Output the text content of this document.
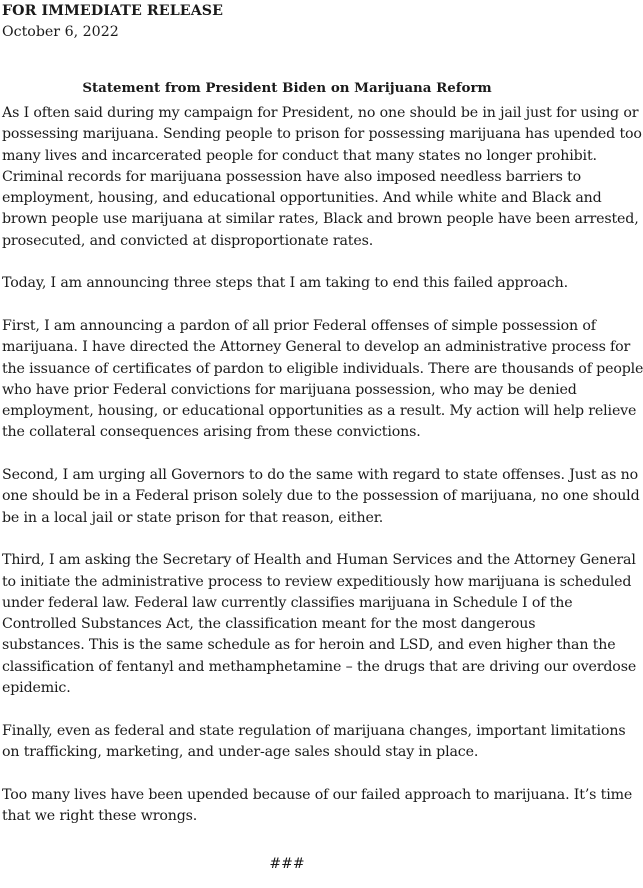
FOR IMMEDIATE RELEASE
October 6, 2022
Statement from President Biden on Marijuana Reform
As I often said during my campaign for President, no one should be in jail just for using or
possessing marijuana. Sending people to prison for possessing marijuana has upended too
many lives and incarcerated people for conduct that many states no longer prohibit.
Criminal records for marijuana possession have also imposed needless barriers to
employment, housing, and educational opportunities. And while white and Black and
brown people use marijuana at similar rates, Black and brown people have been arrested,
prosecuted, and convicted at disproportionate rates.
Today, I am announcing three steps that I am taking to end this failed approach.
First, I am announcing a pardon of all prior Federal offenses of simple possession of
marijuana. I have directed the Attorney General to develop an administrative process for
the issuance of certificates of pardon to eligible individuals. There are thousands of people
who have prior Federal convictions for marijuana possession, who may be denied
employment, housing, or educational opportunities as a result. My action will help relieve
the collateral consequences arising from these convictions.
Second, I am urging all Governors to do the same with regard to state offenses. Just as no
one should be in a Federal prison solely due to the possession of marijuana, no one should
be in a local jail or state prison for that reason, either.
Third, I am asking the Secretary of Health and Human Services and the Attorney General
to initiate the administrative process to review expeditiously how marijuana is scheduled
under federal law. Federal law currently classifies marijuana in Schedule I of the
Controlled Substances Act, the classification meant for the most dangerous
substances. This is the same schedule as for heroin and LSD, and even higher than the
classification of fentanyl and methamphetamine – the drugs that are driving our overdose
epidemic.
Finally, even as federal and state regulation of marijuana changes, important limitations
on trafficking, marketing, and under-age sales should stay in place.
Too many lives have been upended because of our failed approach to marijuana. It’s time
that we right these wrongs.
###
